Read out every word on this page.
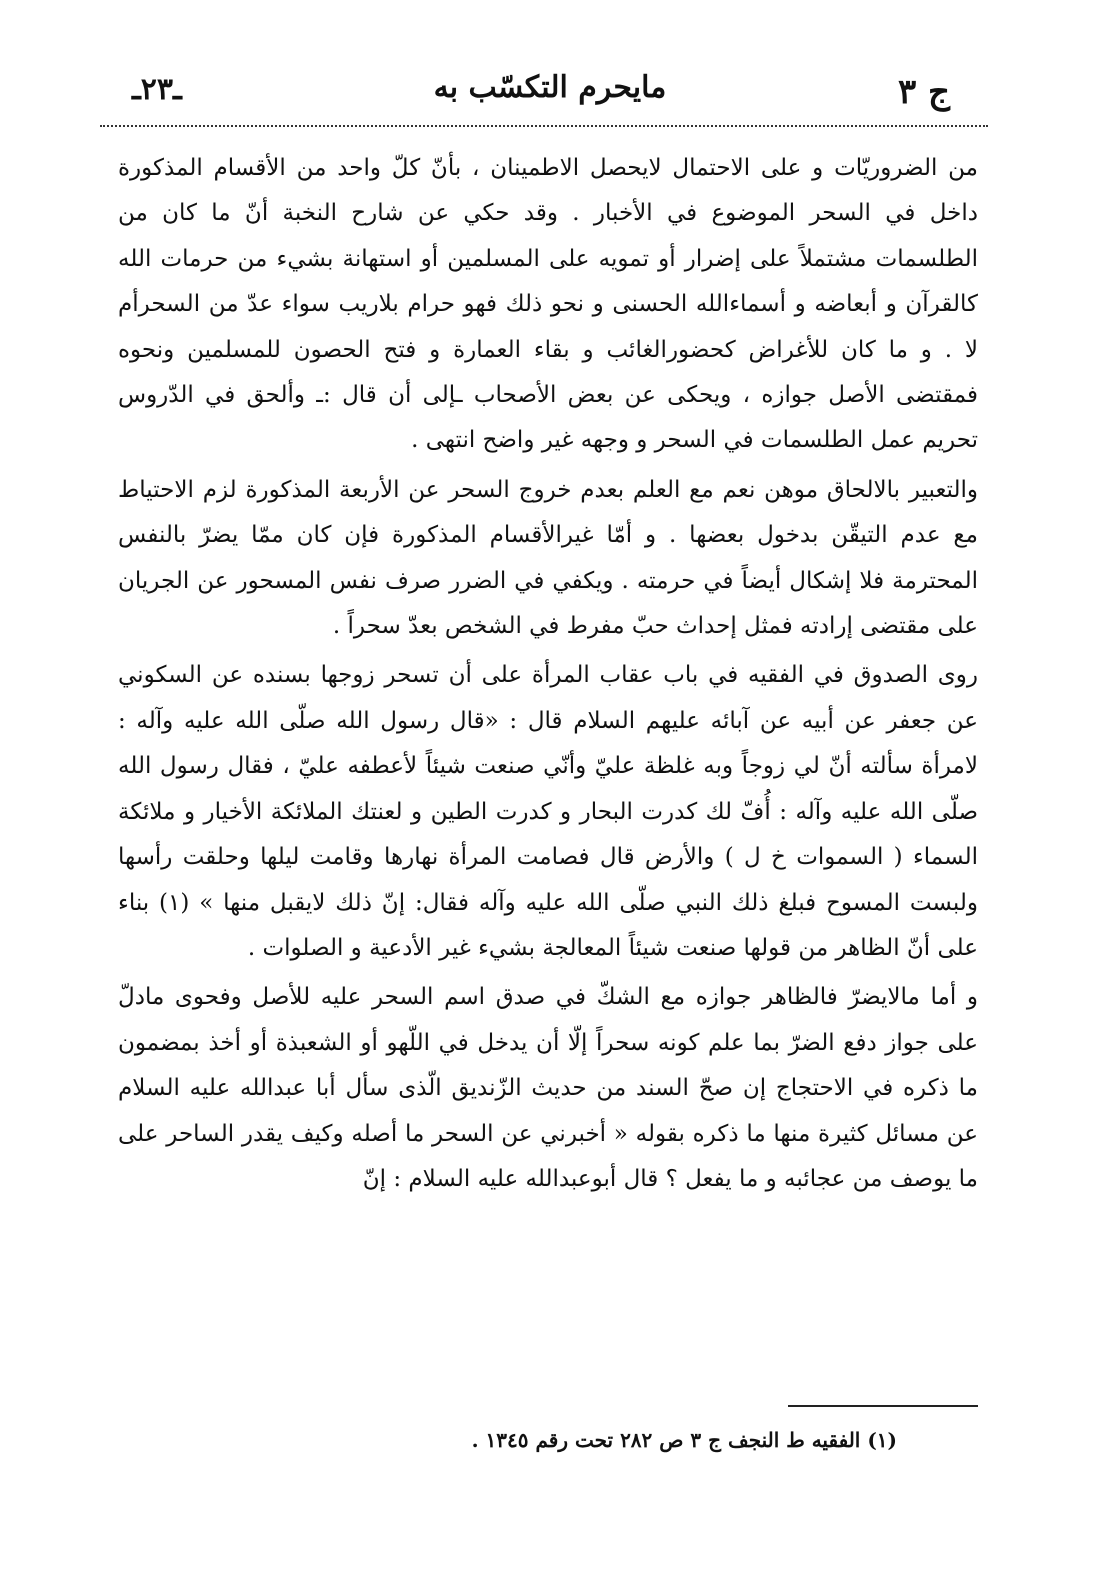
ج ٣
مايحرم التكسّب به
ـ٢٣ـ

من الضروريّات و على الاحتمال لايحصل الاطمينان ، بأنّ كلّ واحد من الأقسام المذكورة داخل في السحر الموضوع في الأخبار . وقد حكي عن شارح النخبة أنّ ما كان من الطلسمات مشتملاً على إضرار أو تمويه على المسلمين أو استهانة بشيء من حرمات الله كالقرآن و أبعاضه و أسماءالله الحسنى و نحو ذلك فهو حرام بلاريب سواء عدّ من السحرأم لا . و ما كان للأغراض كحضورالغائب و بقاء العمارة و فتح الحصون للمسلمين ونحوه فمقتضى الأصل جوازه ، ويحكى عن بعض الأصحاب ـإلى أن قال :ـ وألحق في الدّروس تحريم عمل الطلسمات في السحر و وجهه غير واضح انتهى .

والتعبير بالالحاق موهن نعم مع العلم بعدم خروج السحر عن الأربعة المذكورة لزم الاحتياط مع عدم التيقّن بدخول بعضها . و أمّا غيرالأقسام المذكورة فإن كان ممّا يضرّ بالنفس المحترمة فلا إشكال أيضاً في حرمته . ويكفي في الضرر صرف نفس المسحور عن الجريان على مقتضى إرادته فمثل إحداث حبّ مفرط في الشخص بعدّ سحراً .

روى الصدوق في الفقيه في باب عقاب المرأة على أن تسحر زوجها بسنده عن السكوني عن جعفر عن أبيه عن آبائه عليهم السلام قال : «قال رسول الله صلّى الله عليه وآله : لامرأة سألته أنّ لي زوجاً وبه غلظة عليّ وأنّي صنعت شيئاً لأعطفه عليّ ، فقال رسول الله صلّى الله عليه وآله : أُفّ لك كدرت البحار و كدرت الطين و لعنتك الملائكة الأخيار و ملائكة السماء ( السموات خ ل ) والأرض قال فصامت المرأة نهارها وقامت ليلها وحلقت رأسها ولبست المسوح فبلغ ذلك النبي صلّى الله عليه وآله فقال: إنّ ذلك لايقبل منها » (١) بناء على أنّ الظاهر من قولها صنعت شيئاً المعالجة بشيء غير الأدعية و الصلوات .

و أما مالايضرّ فالظاهر جوازه مع الشكّ في صدق اسم السحر عليه للأصل وفحوى مادلّ على جواز دفع الضرّ بما علم كونه سحراً إلّا أن يدخل في اللّهو أو الشعبذة أو أخذ بمضمون ما ذكره في الاحتجاج إن صحّ السند من حديث الزّنديق الّذى سأل أبا عبدالله عليه السلام عن مسائل كثيرة منها ما ذكره بقوله « أخبرني عن السحر ما أصله وكيف يقدر الساحر على ما يوصف من عجائبه و ما يفعل ؟ قال أبوعبدالله عليه السلام : إنّ

(١) الفقيه ط النجف ج ٣ ص ٢٨٢ تحت رقم ١٣٤٥ .
